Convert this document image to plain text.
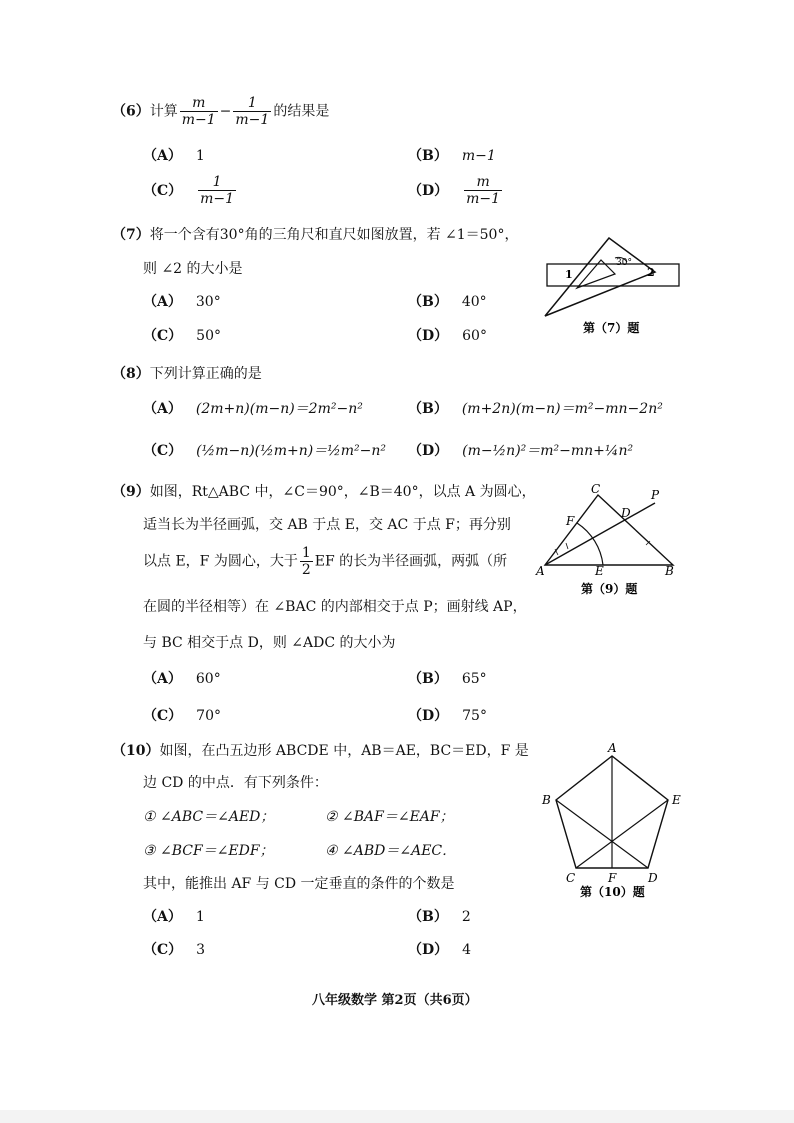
（6）计算 $\frac{m}{m-1} - \frac{1}{m-1}$ 的结果是
（A） 1	（B） m−1
$(C) \frac{1}{m-1}$	$(D) \frac{m}{m-1}$
（7）将一个含有30°角的三角尺和直尺如图放置，若 ∠1＝50°，
则 ∠2 的大小是
（A） 30°	（B） 40°
（C） 50°	（D） 60°
1	2
30°
第（7）题
（8）下列计算正确的是
（A） (2m+n)(m−n)＝2m²−n²	（B） (m+2n)(m−n)＝m²−mn−2n²
（C） (½m−n)(½m+n)＝½m²−n² （D） (m−½n)²＝m²−mn+¼n²
（9）如图，Rt△ABC 中，∠C＝90°，∠B＝40°，以点 A 为圆心，
适当长为半径画弧，交 AB 于点 E，交 AC 于点 F；再分别
以点 E，F 为圆心，大于 $\frac{1}{2}$ EF 的长为半径画弧，两弧（所
在圆的半径相等）在 ∠BAC 的内部相交于点 P；画射线 AP，
与 BC 相交于点 D，则 ∠ADC 的大小为
（A） 60°	（B） 65°
（C） 70°	（D） 75°
A	B
C
D
E
F
P
第（9）题
（10）如图，在凸五边形 ABCDE 中，AB＝AE，BC＝ED，F 是
边 CD 的中点．有下列条件：
① ∠ABC＝∠AED；	② ∠BAF＝∠EAF；
③ ∠BCF＝∠EDF；	④ ∠ABD＝∠AEC．
其中，能推出 AF 与 CD 一定垂直的条件的个数是
（A） 1	（B） 2
（C） 3	（D） 4
A
B	E
C	F	D
第（10）题
八年级数学 第2页（共6页）
